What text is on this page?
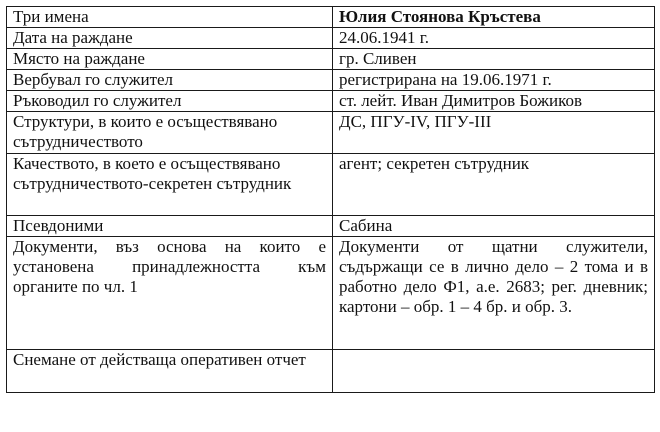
Три имена	Юлия Стоянова Кръстева
Дата на раждане	24.06.1941 г.
Място на раждане	гр. Сливен
Вербувал го служител	регистрирана на 19.06.1971 г.
Ръководил го служител	ст. лейт. Иван Димитров Божиков
Структури, в които е осъществявано сътрудничеството	ДС, ПГУ-IV, ПГУ-III
Качеството, в което е осъществявано сътрудничеството-секретен сътрудник	агент; секретен сътрудник
Псевдоними	Сабина
Документи, въз основа на които е установена принадлежността към органите по чл. 1	Документи от щатни служители, съдържащи се в лично дело – 2 тома и в работно дело Ф1, а.е. 2683; рег. дневник; картони – обр. 1 – 4 бр. и обр. 3.
Снемане от действаща оперативен отчет	
